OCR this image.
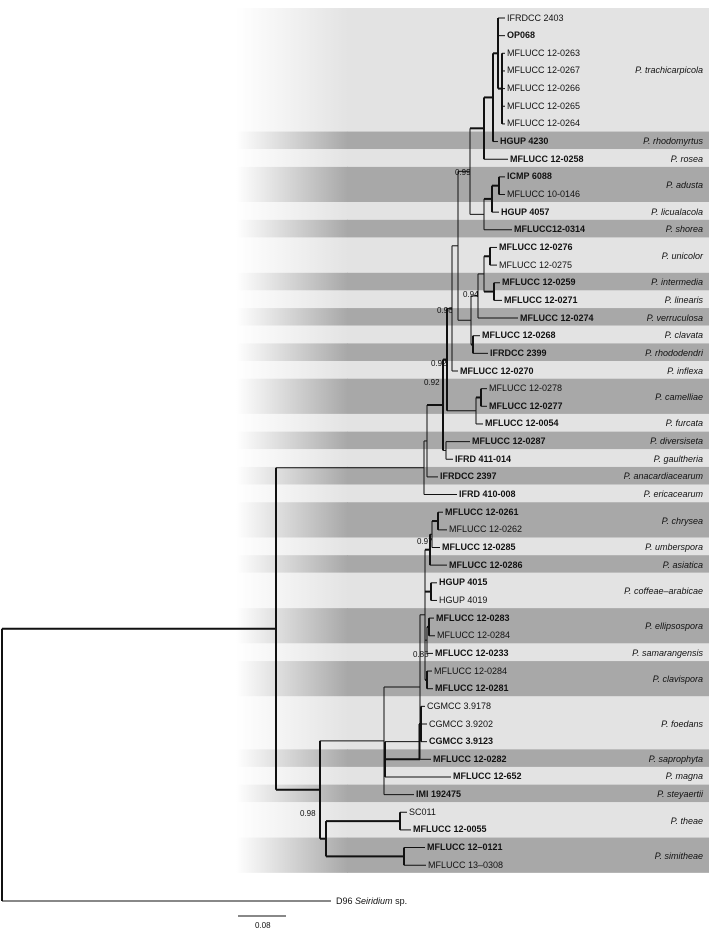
IFRDCC 2403
OP068
MFLUCC 12-0263
MFLUCC 12-0267
MFLUCC 12-0266
MFLUCC 12-0265
MFLUCC 12-0264
HGUP 4230
MFLUCC 12-0258
ICMP 6088
MFLUCC 10-0146
HGUP 4057
MFLUCC12-0314
MFLUCC 12-0276
MFLUCC 12-0275
MFLUCC 12-0259
MFLUCC 12-0271
MFLUCC 12-0274
MFLUCC 12-0268
IFRDCC 2399
MFLUCC 12-0270
MFLUCC 12-0278
MFLUCC 12-0277
MFLUCC 12-0054
MFLUCC 12-0287
IFRD 411-014
IFRDCC 2397
IFRD 410-008
MFLUCC 12-0261
MFLUCC 12-0262
MFLUCC 12-0285
MFLUCC 12-0286
HGUP 4015
HGUP 4019
MFLUCC 12-0283
MFLUCC 12-0284
MFLUCC 12-0233
MFLUCC 12-0284
MFLUCC 12-0281
CGMCC 3.9178
CGMCC 3.9202
CGMCC 3.9123
MFLUCC 12-0282
MFLUCC 12-652
IMI 192475
SC011
MFLUCC 12-0055
MFLUCC 12–0121
MFLUCC 13–0308
P. trachicarpicola
P. rhodomyrtus
P. rosea
P. adusta
P. licualacola
P. shorea
P. unicolor
P. intermedia
P. linearis
P. verruculosa
P. clavata
P. rhododendri
P. inflexa
P. camelliae
P. furcata
P. diversiseta
P. gaultheria
P. anacardiacearum
P. ericacearum
P. chrysea
P. umberspora
P. asiatica
P. coffeae–arabicae
P. ellipsospora
P. samarangensis
P. clavispora
P. foedans
P. saprophyta
P. magna
P. steyaertii
P. theae
P. simitheae
0.99
0.94
0.96
0.92
0.92
0.97
0.85
0.98
D96 Seiridium sp.
0.08
